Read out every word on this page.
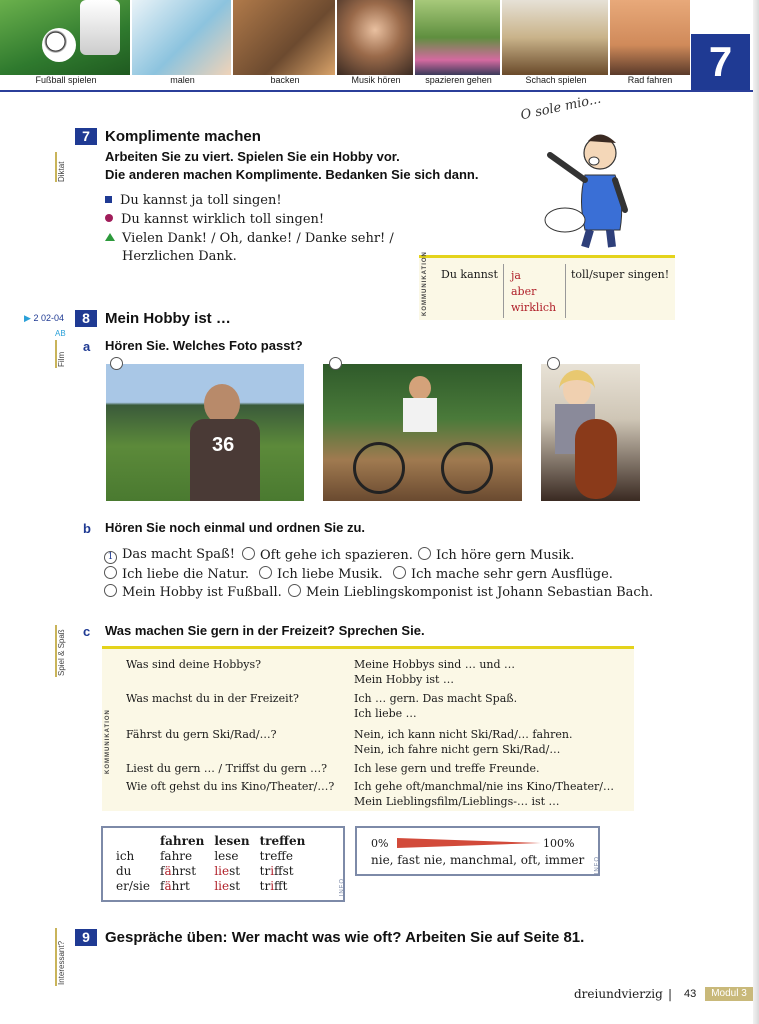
Fußball spielen	malen	backen	Musik hören	spazieren gehen	Schach spielen	Rad fahren 7
Diktat
▶ 2 02-04
AB
Film
Spiel & Spaß
Interessant?
7	Komplimente machen
Arbeiten Sie zu viert. Spielen Sie ein Hobby vor.
Die anderen machen Komplimente. Bedanken Sie sich dann.
Du kannst ja toll singen!
Du kannst wirklich toll singen!
Vielen Dank! / Oh, danke! / Danke sehr! /
Herzlichen Dank.
O sole mio...
KOMMUNIKATION Du kannst ja
aber
wirklich
toll/super singen!
8	Mein Hobby ist …
a Hören Sie. Welches Foto passt?
36
b Hören Sie noch einmal und ordnen Sie zu.
1 Das macht Spaß!	Oft gehe ich spazieren.	Ich höre gern Musik.
Ich liebe die Natur.	Ich liebe Musik.	Ich mache sehr gern Ausflüge.
Mein Hobby ist Fußball.	Mein Lieblingskomponist ist Johann Sebastian Bach.
c Was machen Sie gern in der Freizeit? Sprechen Sie.
KOMMUNIKATION
Was sind deine Hobbys?	Meine Hobbys sind … und …
Mein Hobby ist …
Was machst du in der Freizeit?	Ich … gern. Das macht Spaß.
Ich liebe …
Fährst du gern Ski/Rad/…?	Nein, ich kann nicht Ski/Rad/… fahren.
Nein, ich fahre nicht gern Ski/Rad/…
Liest du gern … / Triffst du gern …? Ich lese gern und treffe Freunde.
Wie oft gehst du ins Kino/Theater/…? Ich gehe oft/manchmal/nie ins Kino/Theater/…
Mein Lieblingsfilm/Lieblings-… ist …
	fahren	lesen	treffen
ich	fahre	lese	treffe
du	fährst	liest	triffst
er/sie	fährt	liest	trifft	INFO
0%	100%
nie, fast nie, manchmal, oft, immer INFO
9	Gespräche üben: Wer macht was wie oft? Arbeiten Sie auf Seite 81.
dreiundvierzig | 43	Modul 3
